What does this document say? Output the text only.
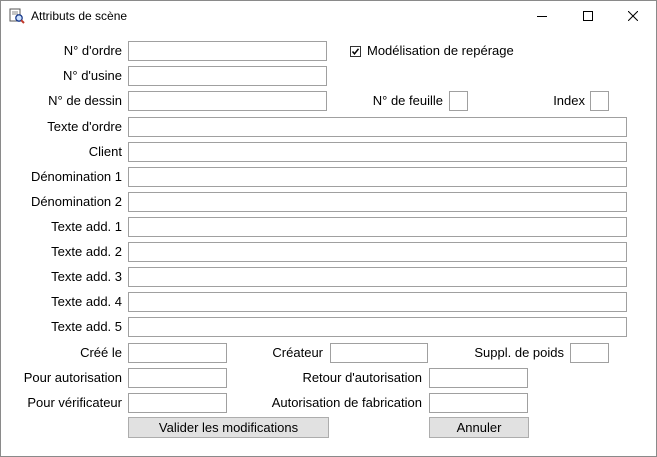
Attributs de scène
N° d'ordre	Modélisation de repérage
N° d'usine
N° de dessin	N° de feuille	Index
Texte d'ordre
Client
Dénomination 1
Dénomination 2
Texte add. 1
Texte add. 2
Texte add. 3
Texte add. 4
Texte add. 5
Créé le	Créateur	Suppl. de poids
Pour autorisation	Retour d'autorisation
Pour vérificateur	Autorisation de fabrication
Valider les modifications	Annuler
